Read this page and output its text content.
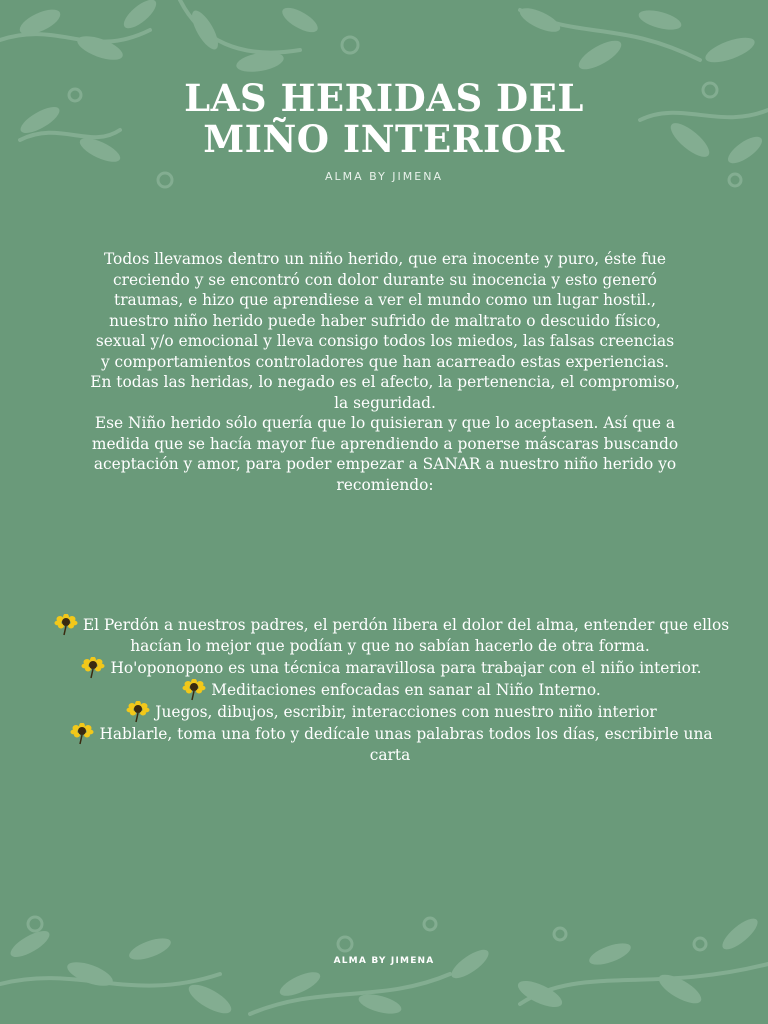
LAS HERIDAS DEL
MIÑO INTERIOR
ALMA BY JIMENA

Todos llevamos dentro un niño herido, que era inocente y puro, éste fue creciendo y se encontró con dolor durante su inocencia y esto generó traumas, e hizo que aprendiese a ver el mundo como un lugar hostil., nuestro niño herido puede haber sufrido de maltrato o descuido físico, sexual y/o emocional y lleva consigo todos los miedos, las falsas creencias y comportamientos controladores que han acarreado estas experiencias.

En todas las heridas, lo negado es el afecto, la pertenencia, el compromiso, la seguridad.

Ese Niño herido sólo quería que lo quisieran y que lo aceptasen. Así que a medida que se hacía mayor fue aprendiendo a ponerse máscaras buscando aceptación y amor, para poder empezar a SANAR a nuestro niño herido yo recomiendo:

El Perdón a nuestros padres, el perdón libera el dolor del alma, entender que ellos hacían lo mejor que podían y que no sabían hacerlo de otra forma.
Ho'oponopono es una técnica maravillosa para trabajar con el niño interior.
Meditaciones enfocadas en sanar al Niño Interno.
Juegos, dibujos, escribir, interacciones con nuestro niño interior
Hablarle, toma una foto y dedícale unas palabras todos los días, escribirle una carta
ALMA BY JIMENA
